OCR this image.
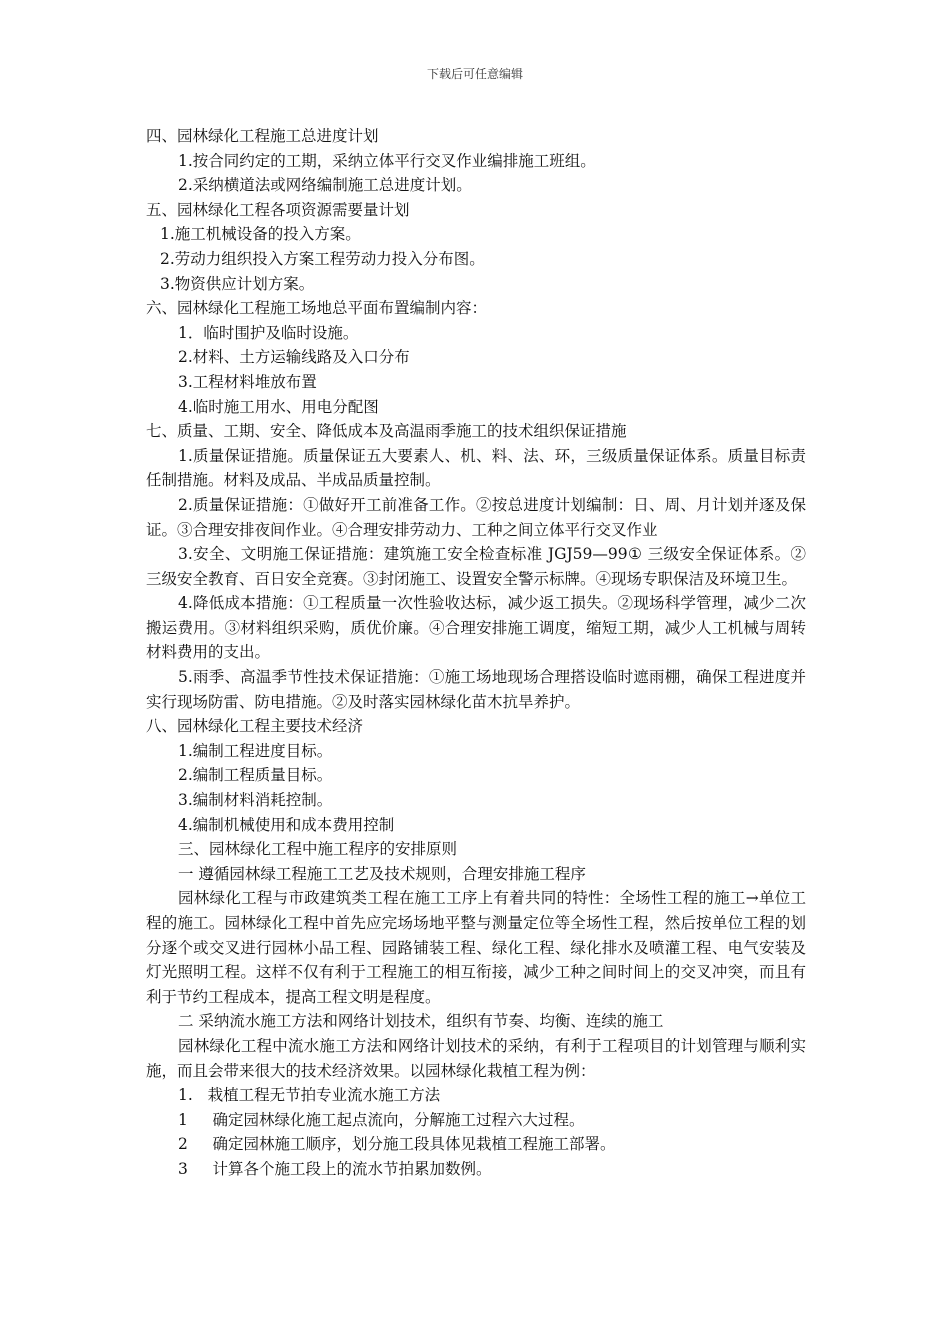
下载后可任意编辑

四、园林绿化工程施工总进度计划

1.按合同约定的工期，采纳立体平行交叉作业编排施工班组。

2.采纳横道法或网络编制施工总进度计划。

五、园林绿化工程各项资源需要量计划

1.施工机械设备的投入方案。

2.劳动力组织投入方案工程劳动力投入分布图。

3.物资供应计划方案。

六、园林绿化工程施工场地总平面布置编制内容：

1．临时围护及临时设施。

2.材料、土方运输线路及入口分布

3.工程材料堆放布置

4.临时施工用水、用电分配图

七、质量、工期、安全、降低成本及高温雨季施工的技术组织保证措施

1.质量保证措施。质量保证五大要素人、机、料、法、环，三级质量保证体系。质量目标责任制措施。材料及成品、半成品质量控制。

2.质量保证措施：①做好开工前准备工作。②按总进度计划编制：日、周、月计划并逐及保证。③合理安排夜间作业。④合理安排劳动力、工种之间立体平行交叉作业

3.安全、文明施工保证措施：建筑施工安全检查标准 JGJ59—99① 三级安全保证体系。②三级安全教育、百日安全竞赛。③封闭施工、设置安全警示标牌。④现场专职保洁及环境卫生。

4.降低成本措施：①工程质量一次性验收达标，减少返工损失。②现场科学管理，减少二次搬运费用。③材料组织采购，质优价廉。④合理安排施工调度，缩短工期，减少人工机械与周转材料费用的支出。

5.雨季、高温季节性技术保证措施：①施工场地现场合理搭设临时遮雨棚，确保工程进度并实行现场防雷、防电措施。②及时落实园林绿化苗木抗旱养护。

八、园林绿化工程主要技术经济

1.编制工程进度目标。

2.编制工程质量目标。

3.编制材料消耗控制。

4.编制机械使用和成本费用控制

三、园林绿化工程中施工程序的安排原则

一 遵循园林绿工程施工工艺及技术规则，合理安排施工程序

园林绿化工程与市政建筑类工程在施工工序上有着共同的特性：全场性工程的施工→单位工程的施工。园林绿化工程中首先应完场场地平整与测量定位等全场性工程，然后按单位工程的划分逐个或交叉进行园林小品工程、园路铺装工程、绿化工程、绿化排水及喷灌工程、电气安装及灯光照明工程。这样不仅有利于工程施工的相互衔接，减少工种之间时间上的交叉冲突，而且有利于节约工程成本，提高工程文明是程度。

二 采纳流水施工方法和网络计划技术，组织有节奏、均衡、连续的施工

园林绿化工程中流水施工方法和网络计划技术的采纳，有利于工程项目的计划管理与顺利实施，而且会带来很大的技术经济效果。以园林绿化栽植工程为例：

1.   栽植工程无节拍专业流水施工方法

1     确定园林绿化施工起点流向，分解施工过程六大过程。

2     确定园林施工顺序，划分施工段具体见栽植工程施工部署。

3     计算各个施工段上的流水节拍累加数例。
